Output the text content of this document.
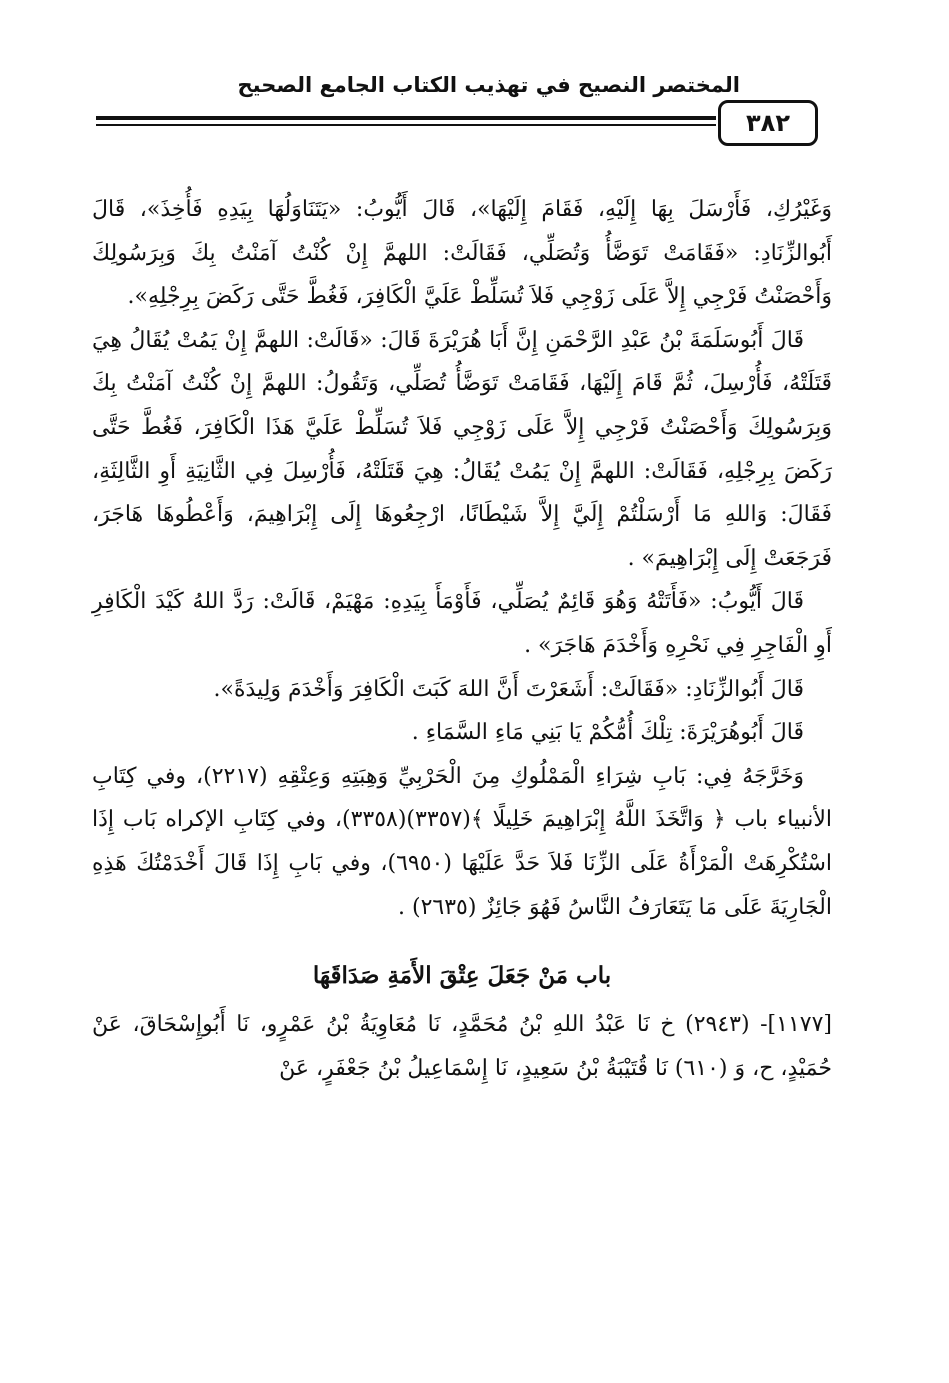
المختصر النصيح في تهذيب الكتاب الجامع الصحيح
٣٨٢

وَغَيْرُكِ، فَأَرْسَلَ بِهَا إِلَيْهِ، فَقَامَ إِلَيْهَا»، قَالَ أَيُّوبُ: «يَتَنَاوَلُهَا بِيَدِهِ فَأُخِذَ»، قَالَ أَبُوالزِّنَادِ: «فَقَامَتْ تَوَضَّأُ وَتُصَلِّي، فَقَالَتْ: اللهمَّ إِنْ كُنْتُ آمَنْتُ بِكَ وَبِرَسُولِكَ وَأَحْصَنْتُ فَرْجِي إِلاَّ عَلَى زَوْجِي فَلاَ تُسَلِّطْ عَلَيَّ الْكَافِرَ، فَغُطَّ حَتَّى رَكَضَ بِرِجْلِهِ».

قَالَ أَبُوسَلَمَةَ بْنُ عَبْدِ الرَّحْمَنِ إِنَّ أَبَا هُرَيْرَةَ قَالَ: «قَالَتْ: اللهمَّ إِنْ يَمُتْ يُقَالُ هِيَ قَتَلَتْهُ، فَأُرْسِلَ، ثُمَّ قَامَ إِلَيْهَا، فَقَامَتْ تَوَضَّأُ تُصَلِّي، وَتَقُولُ: اللهمَّ إِنْ كُنْتُ آمَنْتُ بِكَ وَبِرَسُولِكَ وَأَحْصَنْتُ فَرْجِي إِلاَّ عَلَى زَوْجِي فَلاَ تُسَلِّطْ عَلَيَّ هَذَا الْكَافِرَ، فَغُطَّ حَتَّى رَكَضَ بِرِجْلِهِ، فَقَالَتْ: اللهمَّ إِنْ يَمُتْ يُقَالُ: هِيَ قَتَلَتْهُ، فَأُرْسِلَ فِي الثَّانِيَةِ أَوِ الثَّالِثَةِ، فَقَالَ: وَاللهِ مَا أَرْسَلْتُمْ إِلَيَّ إِلاَّ شَيْطَانًا، ارْجِعُوهَا إِلَى إِبْرَاهِيمَ، وَأَعْطُوهَا هَاجَرَ، فَرَجَعَتْ إِلَى إِبْرَاهِيمَ» .

قَالَ أَيُّوبُ: «فَأَتَتْهُ وَهُوَ قَائِمٌ يُصَلِّي، فَأَوْمَأَ بِيَدِهِ: مَهْيَمْ، قَالَتْ: رَدَّ اللهُ كَيْدَ الْكَافِرِ أَوِ الْفَاجِرِ فِي نَحْرِهِ وَأَخْدَمَ هَاجَرَ» .

قَالَ أَبُوالزِّنَادِ: «فَقَالَتْ: أَشَعَرْتَ أَنَّ اللهَ كَبَتَ الْكَافِرَ وَأَخْدَمَ وَلِيدَةً».

قَالَ أَبُوهُرَيْرَةَ: تِلْكَ أُمُّكُمْ يَا بَنِي مَاءِ السَّمَاءِ .

وَخَرَّجَهُ فِي: بَابِ شِرَاءِ الْمَمْلُوكِ مِنَ الْحَرْبِيِّ وَهِبَتِهِ وَعِتْقِهِ (٢٢١٧)، وفي كِتَابِ الأنبياء باب ﴿ وَاتَّخَذَ اللَّهُ إِبْرَاهِيمَ خَلِيلًا ﴾(٣٣٥٧)(٣٣٥٨)، وفي كِتَابِ الإكراه بَاب إِذَا اسْتُكْرِهَتْ الْمَرْأَةُ عَلَى الزِّنَا فَلاَ حَدَّ عَلَيْهَا (٦٩٥٠)، وفي بَابِ إِذَا قَالَ أَخْدَمْتُكَ هَذِهِ الْجَارِيَةَ عَلَى مَا يَتَعَارَفُ النَّاسُ فَهُوَ جَائِزٌ (٢٦٣٥) .

باب مَنْ جَعَلَ عِتْقَ الأَمَةِ صَدَاقَهَا

[١١٧٧]- (٢٩٤٣) خ نَا عَبْدُ اللهِ بْنُ مُحَمَّدٍ، نَا مُعَاوِيَةُ بْنُ عَمْرٍو، نَا أَبُوإِسْحَاقَ، عَنْ حُمَيْدٍ، ح، وَ (٦١٠) نَا قُتَيْبَةُ بْنُ سَعِيدٍ، نَا إِسْمَاعِيلُ بْنُ جَعْفَرٍ، عَنْ
